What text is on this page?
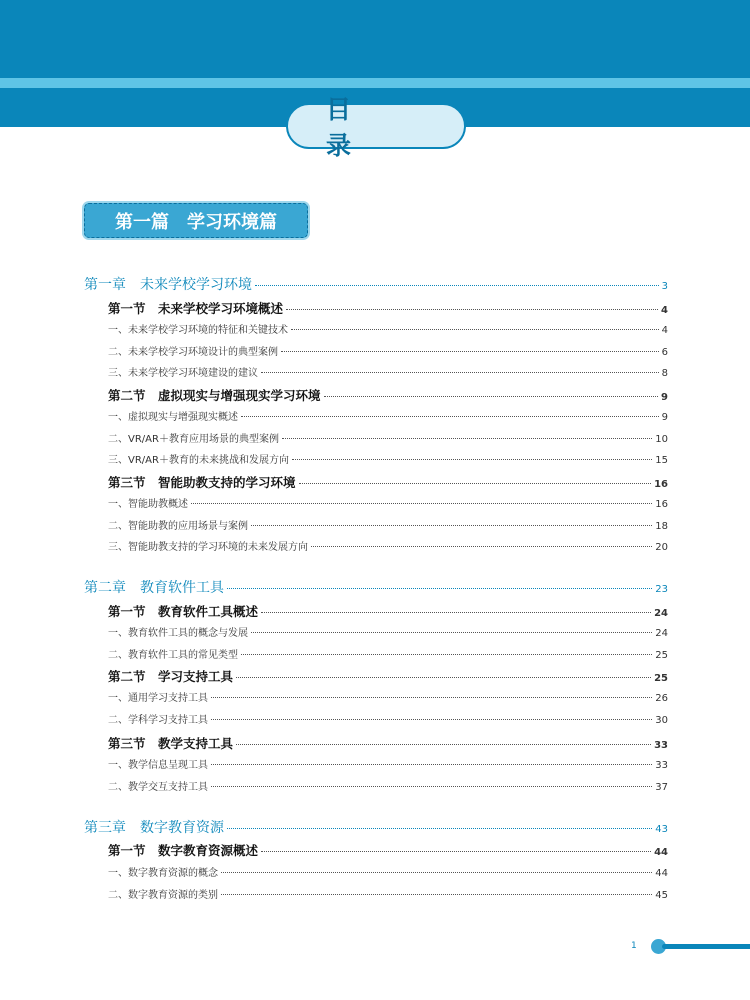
目　录
第一篇　学习环境篇
第一章　未来学校学习环境	3
第一节　未来学校学习环境概述	4
一、未来学校学习环境的特征和关键技术	4
二、未来学校学习环境设计的典型案例	6
三、未来学校学习环境建设的建议	8
第二节　虚拟现实与增强现实学习环境	9
一、虚拟现实与增强现实概述	9
二、VR/AR＋教育应用场景的典型案例	10
三、VR/AR＋教育的未来挑战和发展方向	15
第三节　智能助教支持的学习环境	16
一、智能助教概述	16
二、智能助教的应用场景与案例	18
三、智能助教支持的学习环境的未来发展方向	20
第二章　教育软件工具	23
第一节　教育软件工具概述	24
一、教育软件工具的概念与发展	24
二、教育软件工具的常见类型	25
第二节　学习支持工具	25
一、通用学习支持工具	26
二、学科学习支持工具	30
第三节　教学支持工具	33
一、教学信息呈现工具	33
二、教学交互支持工具	37
第三章　数字教育资源	43
第一节　数字教育资源概述	44
一、数字教育资源的概念	44
二、数字教育资源的类别	45
1
